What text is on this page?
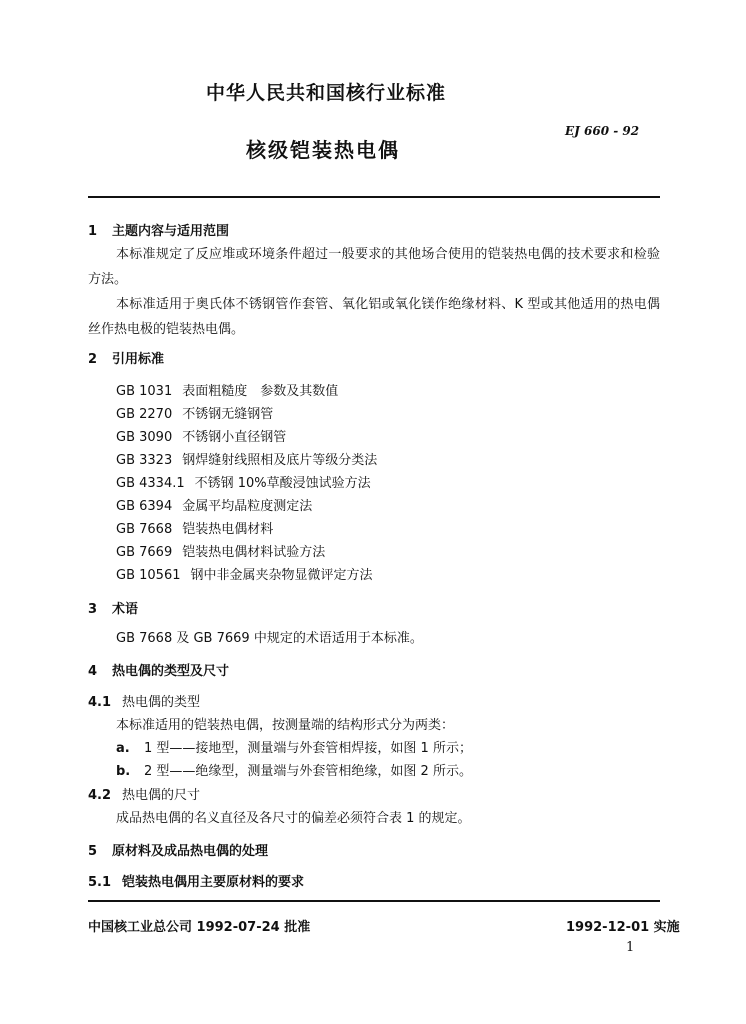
中华人民共和国核行业标准
核级铠装热电偶
EJ 660 - 92
1 主题内容与适用范围
本标准规定了反应堆或环境条件超过一般要求的其他场合使用的铠装热电偶的技术要求和检验方法。
本标准适用于奥氏体不锈钢管作套管、氧化铝或氧化镁作绝缘材料、K 型或其他适用的热电偶丝作热电极的铠装热电偶。
2 引用标准
GB 1031 表面粗糙度　参数及其数值
GB 2270 不锈钢无缝钢管
GB 3090 不锈钢小直径钢管
GB 3323 钢焊缝射线照相及底片等级分类法
GB 4334.1 不锈钢 10%草酸浸蚀试验方法
GB 6394 金属平均晶粒度测定法
GB 7668 铠装热电偶材料
GB 7669 铠装热电偶材料试验方法
GB 10561 钢中非金属夹杂物显微评定方法
3 术语
GB 7668 及 GB 7669 中规定的术语适用于本标准。
4 热电偶的类型及尺寸
4.1 热电偶的类型
本标准适用的铠装热电偶，按测量端的结构形式分为两类：
a. 1 型——接地型，测量端与外套管相焊接，如图 1 所示；
b. 2 型——绝缘型，测量端与外套管相绝缘，如图 2 所示。
4.2 热电偶的尺寸
成品热电偶的名义直径及各尺寸的偏差必须符合表 1 的规定。
5 原材料及成品热电偶的处理
5.1 铠装热电偶用主要原材料的要求
中国核工业总公司 1992-07-24 批准	1992-12-01 实施
1
